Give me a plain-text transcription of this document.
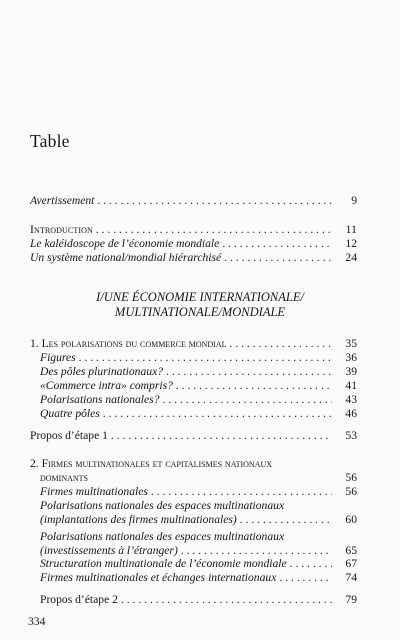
Table
Avertissement . . .	9
Introduction . . .	11
Le kaléidoscope de l’économie mondiale . . .	12
Un système national/mondial hiérarchisé . . .	24
I/UNE ÉCONOMIE INTERNATIONALE/
MULTINATIONALE/MONDIALE
1. Les polarisations du commerce mondial . . .	35
Figures . . .	36
Des pôles plurinationaux? . . .	39
«Commerce intra» compris? . . .	41
Polarisations nationales? . . .	43
Quatre pôles . . .	46
Propos d’étape 1 . . .	53
2. Firmes multinationales et capitalismes nationaux
dominants	56
Firmes multinationales . . .	56
Polarisations nationales des espaces multinationaux
(implantations des firmes multinationales) . . .	60
Polarisations nationales des espaces multinationaux
(investissements à l’étranger) . . .	65
Structuration multinationale de l’économie mondiale . . .	67
Firmes multinationales et échanges internationaux . . .	74
Propos d’étape 2 . . .	79
334
